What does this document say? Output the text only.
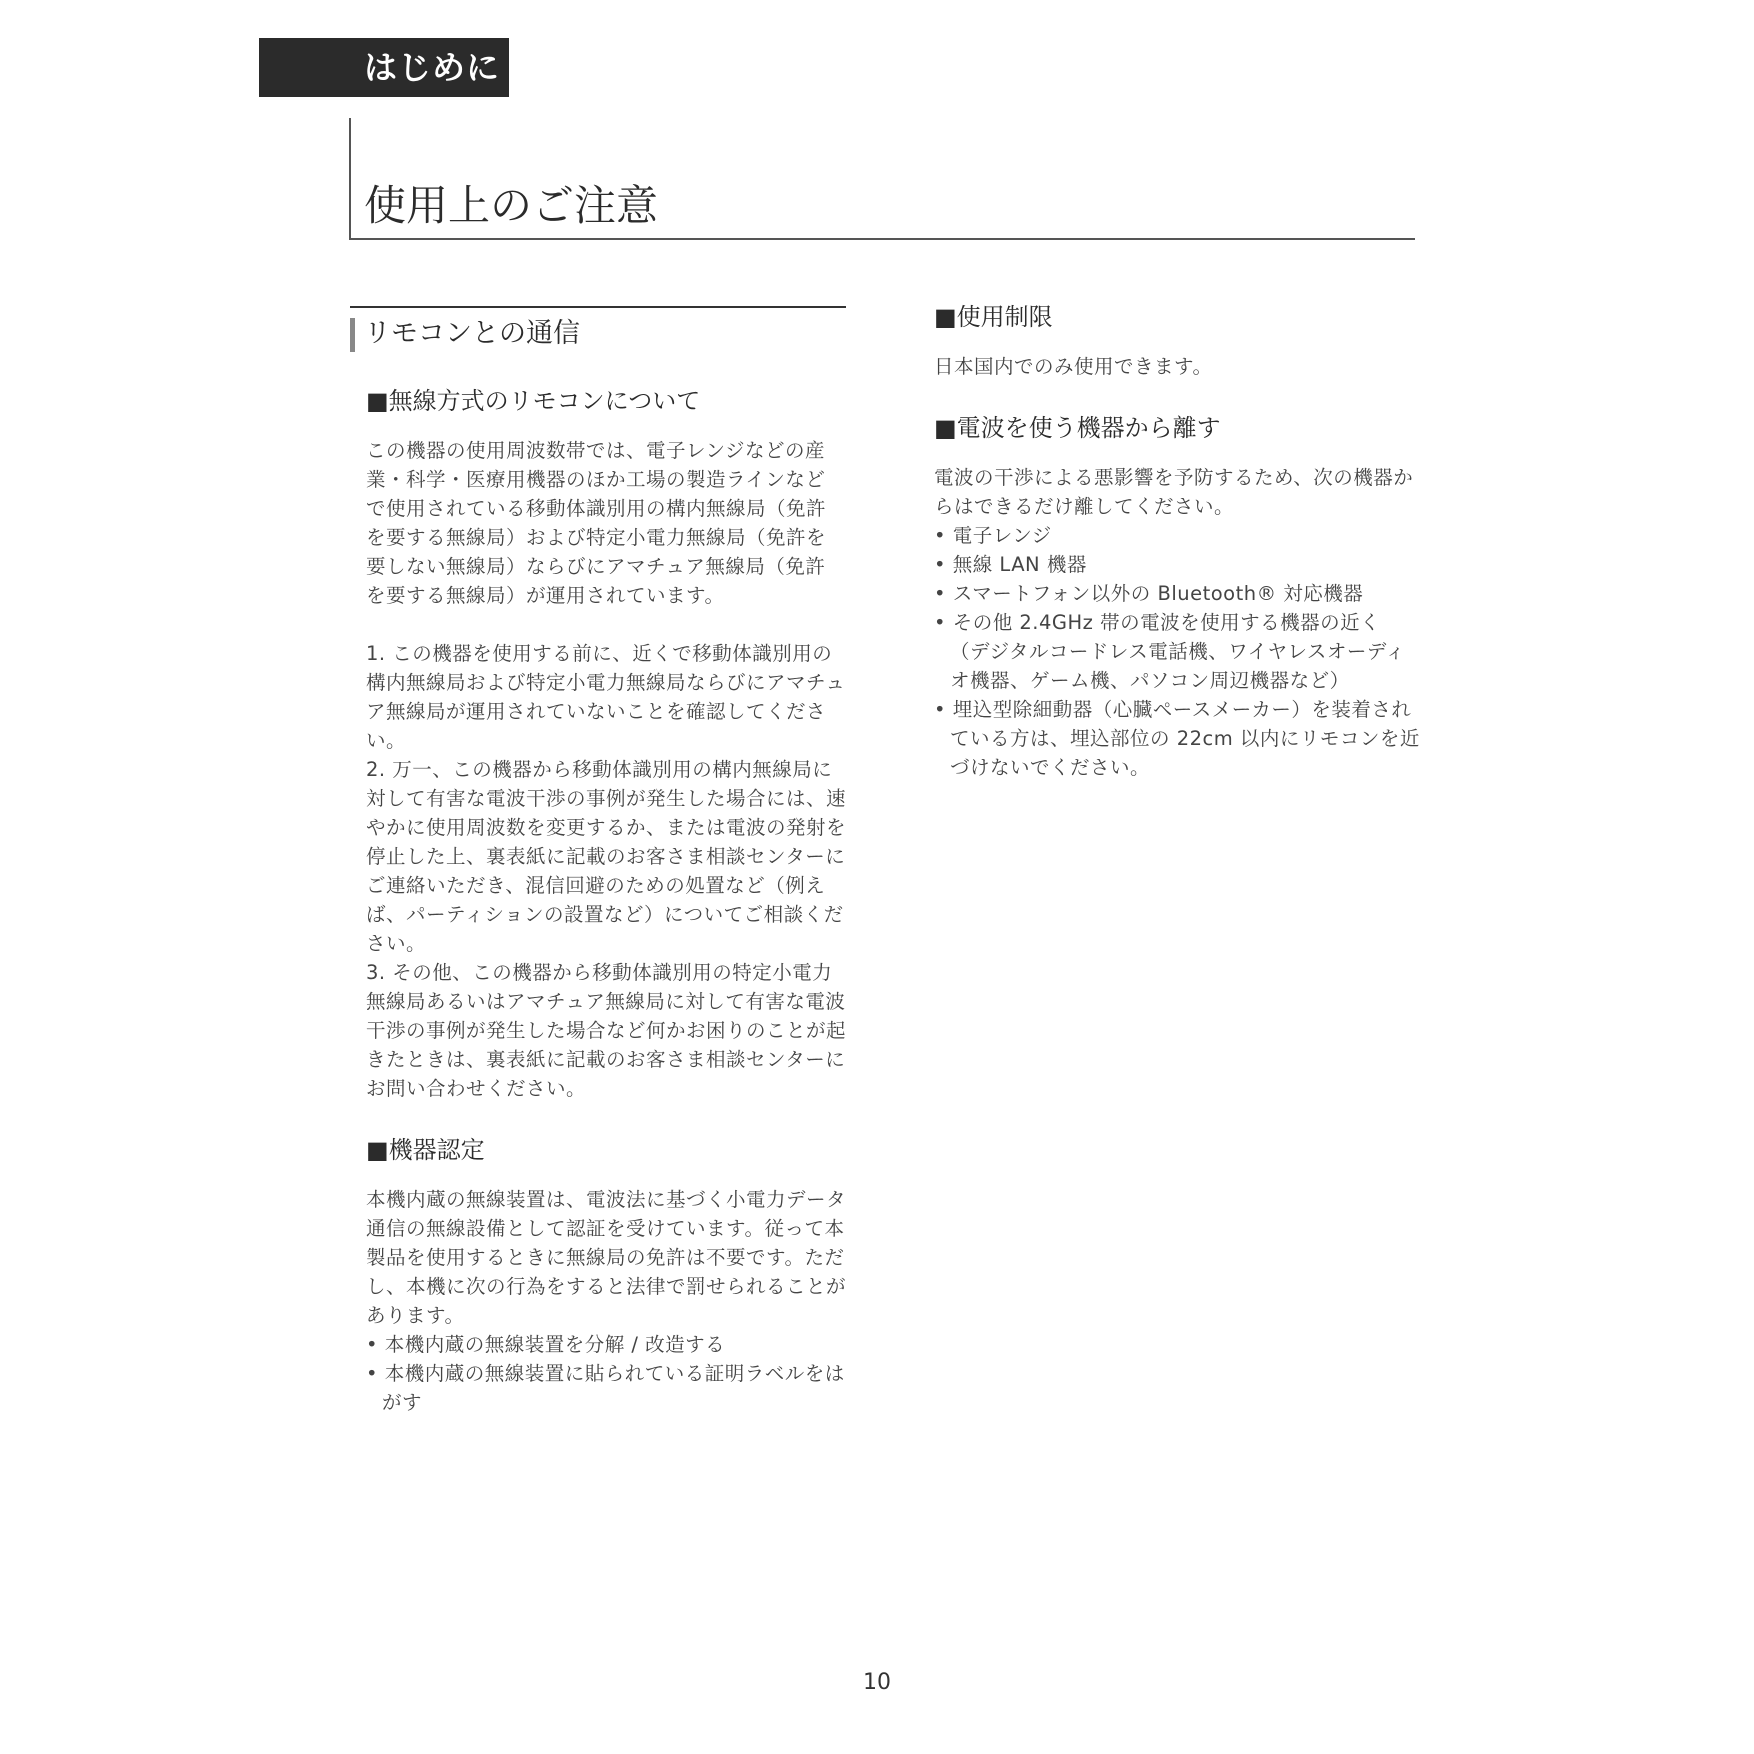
はじめに
使用上のご注意
リモコンとの通信
■無線方式のリモコンについて
この機器の使用周波数帯では、電子レンジなどの産
業・科学・医療用機器のほか工場の製造ラインなど
で使用されている移動体識別用の構内無線局（免許
を要する無線局）および特定小電力無線局（免許を
要しない無線局）ならびにアマチュア無線局（免許
を要する無線局）が運用されています。
1. この機器を使用する前に、近くで移動体識別用の構内無線局および特定小電力無線局ならびにアマチュア無線局が運用されていないことを確認してください。
2. 万一、この機器から移動体識別用の構内無線局に対して有害な電波干渉の事例が発生した場合には、速やかに使用周波数を変更するか、または電波の発射を停止した上、裏表紙に記載のお客さま相談センターにご連絡いただき、混信回避のための処置など（例えば、パーティションの設置など）についてご相談ください。
3. その他、この機器から移動体識別用の特定小電力無線局あるいはアマチュア無線局に対して有害な電波干渉の事例が発生した場合など何かお困りのことが起きたときは、裏表紙に記載のお客さま相談センターにお問い合わせください。
■機器認定
本機内蔵の無線装置は、電波法に基づく小電力データ通信の無線設備として認証を受けています。従って本製品を使用するときに無線局の免許は不要です。ただし、本機に次の行為をすると法律で罰せられることがあります。
• 本機内蔵の無線装置を分解 / 改造する
• 本機内蔵の無線装置に貼られている証明ラベルをはがす
■使用制限
日本国内でのみ使用できます。
■電波を使う機器から離す
電波の干渉による悪影響を予防するため、次の機器からはできるだけ離してください。
• 電子レンジ
• 無線 LAN 機器
• スマートフォン以外の Bluetooth® 対応機器
• その他 2.4GHz 帯の電波を使用する機器の近く（デジタルコードレス電話機、ワイヤレスオーディオ機器、ゲーム機、パソコン周辺機器など）
• 埋込型除細動器（心臓ペースメーカー）を装着されている方は、埋込部位の 22cm 以内にリモコンを近づけないでください。
10
